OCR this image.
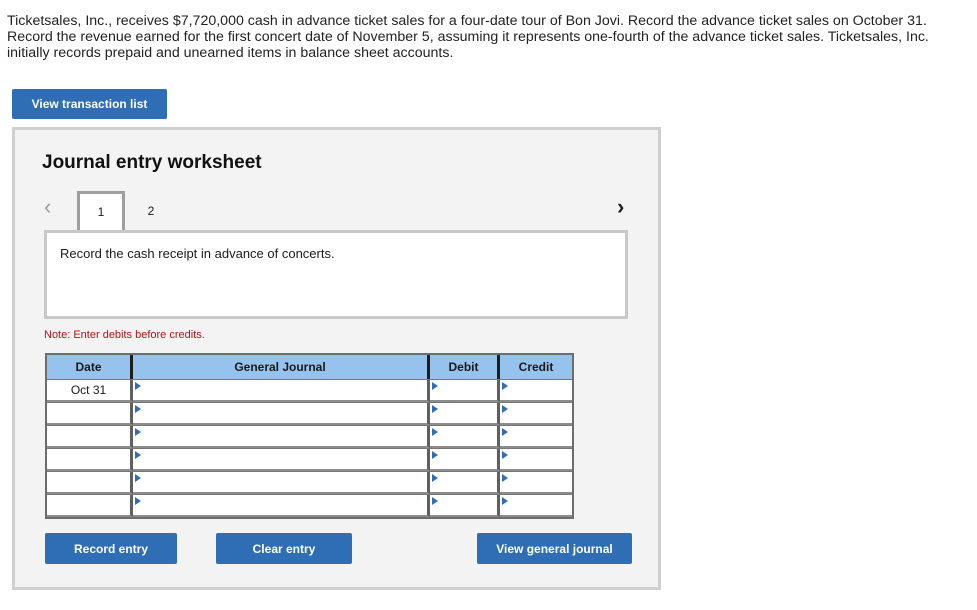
Ticketsales, Inc., receives $7,720,000 cash in advance ticket sales for a four-date tour of Bon Jovi. Record the advance ticket sales on October 31. Record the revenue earned for the first concert date of November 5, assuming it represents one-fourth of the advance ticket sales. Ticketsales, Inc. initially records prepaid and unearned items in balance sheet accounts.
View transaction list
Journal entry worksheet
‹	1	2	›
Record the cash receipt in advance of concerts.
Note: Enter debits before credits.
Date	General Journal	Debit	Credit
Oct 31
Record entry	Clear entry	View general journal
